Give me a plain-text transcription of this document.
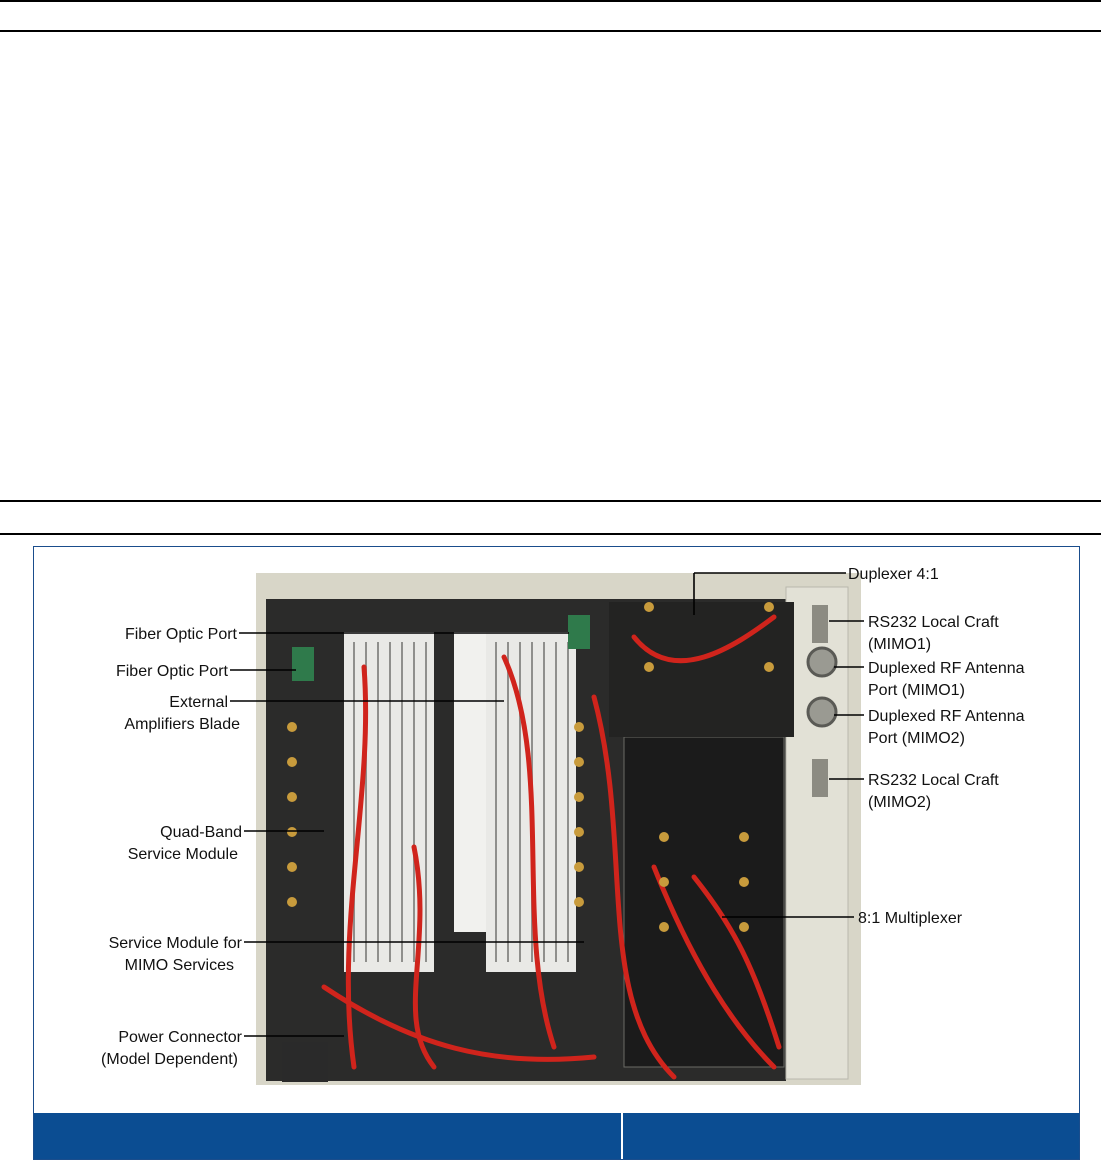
Fiber Optic Port
Fiber Optic Port
External
Amplifiers Blade
Quad-Band
Service Module
Service Module for
MIMO Services
Power Connector
(Model Dependent)
Duplexer 4:1
RS232 Local Craft
(MIMO1)
Duplexed RF Antenna
Port (MIMO1)
Duplexed RF Antenna
Port (MIMO2)
RS232 Local Craft
(MIMO2)
8:1 Multiplexer
